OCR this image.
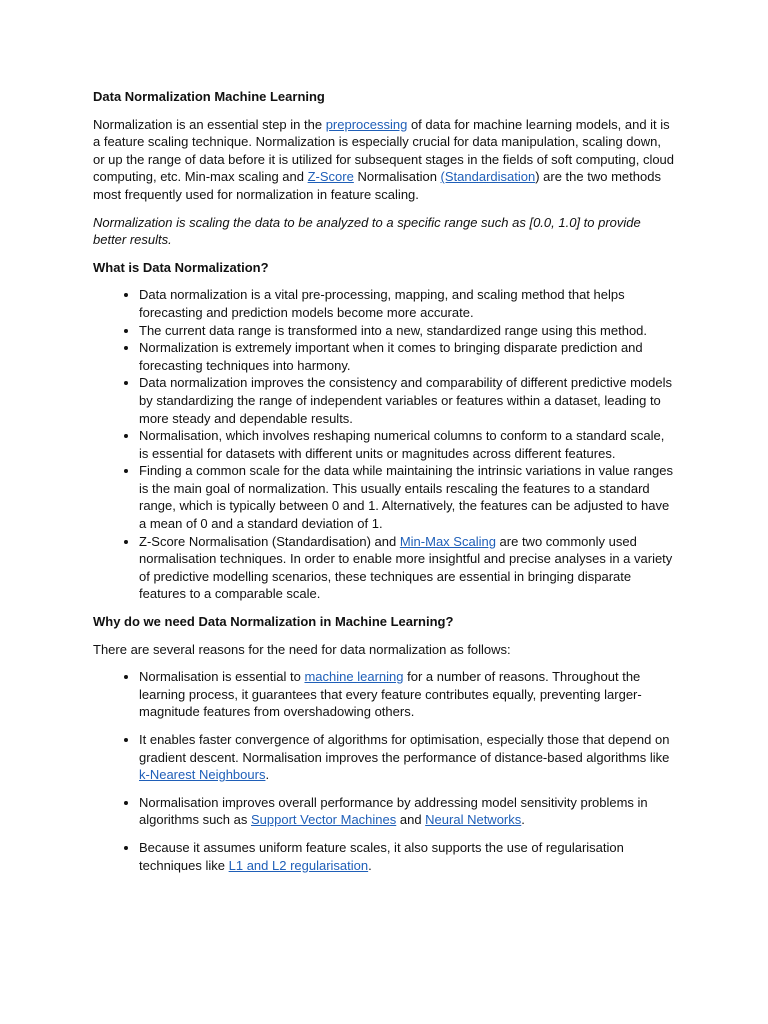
Data Normalization Machine Learning

Normalization is an essential step in the preprocessing of data for machine learning models, and it is a feature scaling technique. Normalization is especially crucial for data manipulation, scaling down, or up the range of data before it is utilized for subsequent stages in the fields of soft computing, cloud computing, etc. Min-max scaling and Z-Score Normalisation (Standardisation) are the two methods most frequently used for normalization in feature scaling.

Normalization is scaling the data to be analyzed to a specific range such as [0.0, 1.0] to provide better results.

What is Data Normalization?
• Data normalization is a vital pre-processing, mapping, and scaling method that helps forecasting and prediction models become more accurate.
• The current data range is transformed into a new, standardized range using this method.
• Normalization is extremely important when it comes to bringing disparate prediction and forecasting techniques into harmony.
• Data normalization improves the consistency and comparability of different predictive models by standardizing the range of independent variables or features within a dataset, leading to more steady and dependable results.
• Normalisation, which involves reshaping numerical columns to conform to a standard scale, is essential for datasets with different units or magnitudes across different features.
• Finding a common scale for the data while maintaining the intrinsic variations in value ranges is the main goal of normalization. This usually entails rescaling the features to a standard range, which is typically between 0 and 1. Alternatively, the features can be adjusted to have a mean of 0 and a standard deviation of 1.
• Z-Score Normalisation (Standardisation) and Min-Max Scaling are two commonly used normalisation techniques. In order to enable more insightful and precise analyses in a variety of predictive modelling scenarios, these techniques are essential in bringing disparate features to a comparable scale.
Why do we need Data Normalization in Machine Learning?

There are several reasons for the need for data normalization as follows:

• Normalisation is essential to machine learning for a number of reasons. Throughout the learning process, it guarantees that every feature contributes equally, preventing larger-magnitude features from overshadowing others.
• It enables faster convergence of algorithms for optimisation, especially those that depend on gradient descent. Normalisation improves the performance of distance-based algorithms like k-Nearest Neighbours.
• Normalisation improves overall performance by addressing model sensitivity problems in algorithms such as Support Vector Machines and Neural Networks.
• Because it assumes uniform feature scales, it also supports the use of regularisation techniques like L1 and L2 regularisation.
